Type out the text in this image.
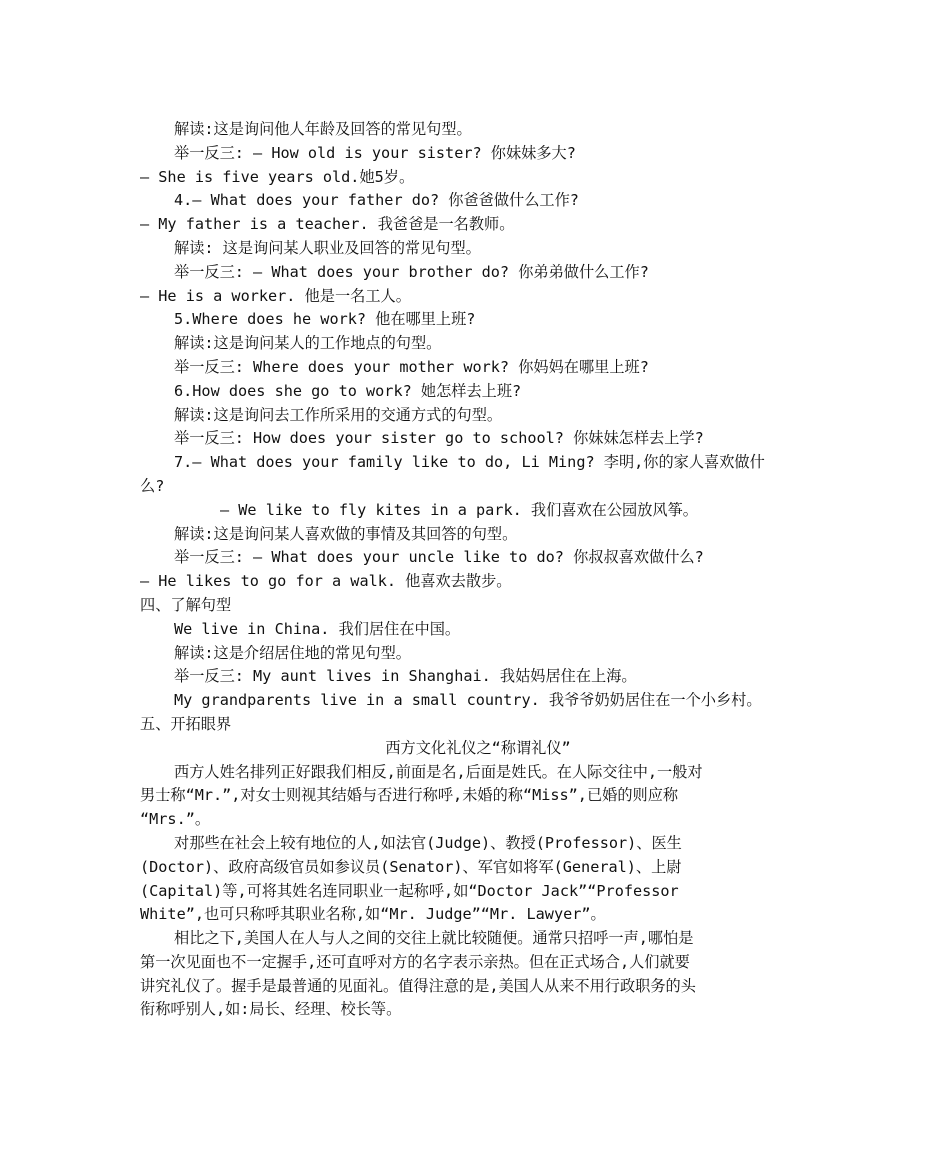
解读:这是询问他人年龄及回答的常见句型。
举一反三: — How old is your sister? 你妹妹多大?
— She is five years old.她5岁。
4.— What does your father do? 你爸爸做什么工作?
— My father is a teacher. 我爸爸是一名教师。
解读: 这是询问某人职业及回答的常见句型。
举一反三: — What does your brother do? 你弟弟做什么工作?
— He is a worker. 他是一名工人。
5.Where does he work? 他在哪里上班?
解读:这是询问某人的工作地点的句型。
举一反三: Where does your mother work? 你妈妈在哪里上班?
6.How does she go to work? 她怎样去上班?
解读:这是询问去工作所采用的交通方式的句型。
举一反三: How does your sister go to school? 你妹妹怎样去上学?
7.— What does your family like to do, Li Ming? 李明,你的家人喜欢做什
么?
— We like to fly kites in a park. 我们喜欢在公园放风筝。
解读:这是询问某人喜欢做的事情及其回答的句型。
举一反三: — What does your uncle like to do? 你叔叔喜欢做什么?
— He likes to go for a walk. 他喜欢去散步。
四、了解句型
We live in China. 我们居住在中国。
解读:这是介绍居住地的常见句型。
举一反三: My aunt lives in Shanghai. 我姑妈居住在上海。
My grandparents live in a small country. 我爷爷奶奶居住在一个小乡村。
五、开拓眼界
西方文化礼仪之“称谓礼仪”
西方人姓名排列正好跟我们相反,前面是名,后面是姓氏。在人际交往中,一般对
男士称“Mr.”,对女士则视其结婚与否进行称呼,未婚的称“Miss”,已婚的则应称
“Mrs.”。
对那些在社会上较有地位的人,如法官(Judge)、教授(Professor)、医生
(Doctor)、政府高级官员如参议员(Senator)、军官如将军(General)、上尉
(Capital)等,可将其姓名连同职业一起称呼,如“Doctor Jack”“Professor
White”,也可只称呼其职业名称,如“Mr. Judge”“Mr. Lawyer”。
相比之下,美国人在人与人之间的交往上就比较随便。通常只招呼一声,哪怕是
第一次见面也不一定握手,还可直呼对方的名字表示亲热。但在正式场合,人们就要
讲究礼仪了。握手是最普通的见面礼。值得注意的是,美国人从来不用行政职务的头
衔称呼别人,如:局长、经理、校长等。
